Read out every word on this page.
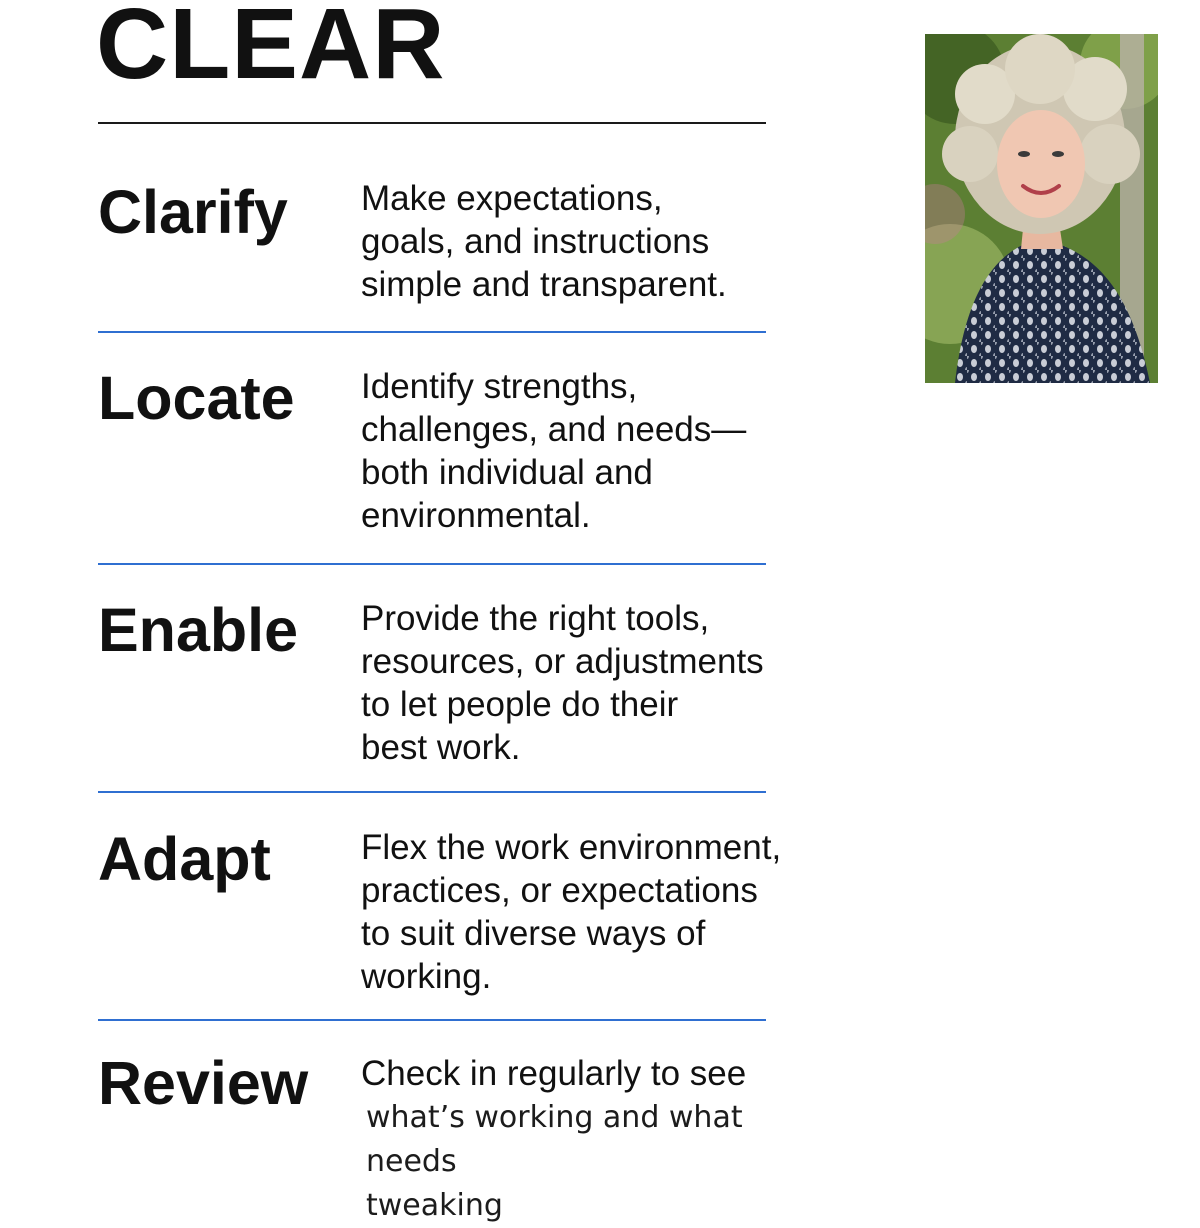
CLEAR
Clarify Make expectations,
goals, and instructions
simple and transparent.
Locate Identify strengths,
challenges, and needs—
both individual and
environmental.
Enable Provide the right tools,
resources, or adjustments
to let people do their
best work.
Adapt	Flex the work environment,
practices, or expectations
to suit diverse ways of
working.
Review Check in regularly to see
what’s working and what needs
tweaking
